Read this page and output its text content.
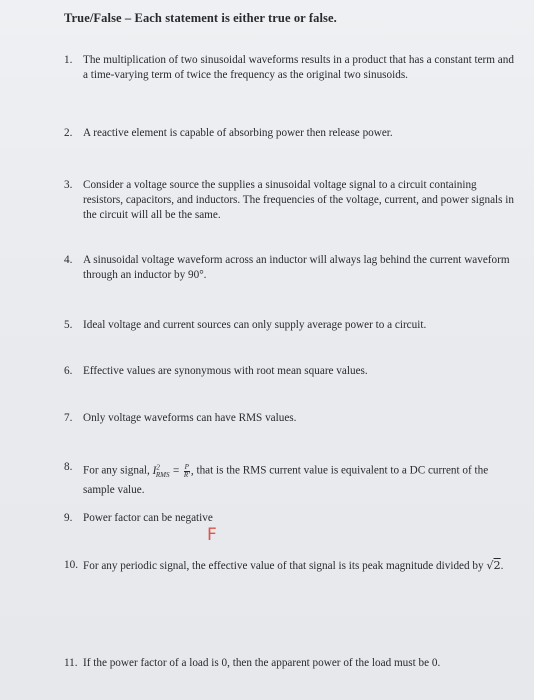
True/False – Each statement is either true or false.
1. The multiplication of two sinusoidal waveforms results in a product that has a constant term and a time-varying term of twice the frequency as the original two sinusoids.
2. A reactive element is capable of absorbing power then release power.
3. Consider a voltage source the supplies a sinusoidal voltage signal to a circuit containing resistors, capacitors, and inductors. The frequencies of the voltage, current, and power signals in the circuit will all be the same.
4. A sinusoidal voltage waveform across an inductor will always lag behind the current waveform through an inductor by 90°.
5. Ideal voltage and current sources can only supply average power to a circuit.
6. Effective values are synonymous with root mean square values.
7. Only voltage waveforms can have RMS values.
8. For any signal, $I^2_{RMS} = \frac{P}{R'}$ , that is the RMS current value is equivalent to a DC current of the sample value.
9. Power factor can be negative
F
10. For any periodic signal, the effective value of that signal is its peak magnitude divided by √2.
11. If the power factor of a load is 0, then the apparent power of the load must be 0.
